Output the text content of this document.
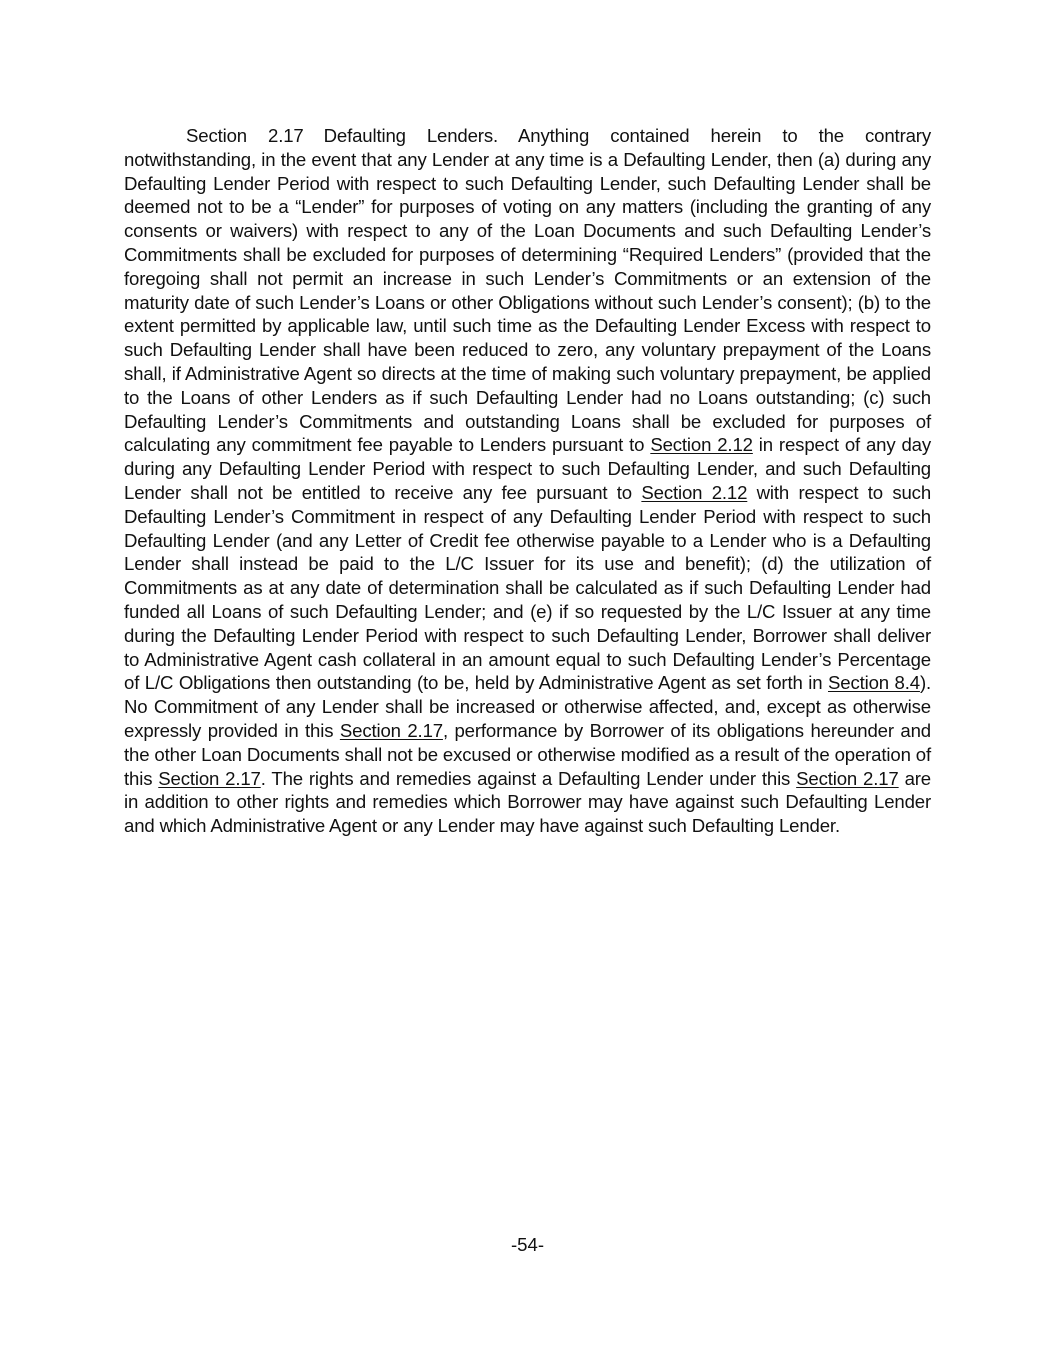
Section 2.17 Defaulting Lenders. Anything contained herein to the contrary notwithstanding, in the event that any Lender at any time is a Defaulting Lender, then (a) during any Defaulting Lender Period with respect to such Defaulting Lender, such Defaulting Lender shall be deemed not to be a “Lender” for purposes of voting on any matters (including the granting of any consents or waivers) with respect to any of the Loan Documents and such Defaulting Lender’s Commitments shall be excluded for purposes of determining “Required Lenders” (provided that the foregoing shall not permit an increase in such Lender’s Commitments or an extension of the maturity date of such Lender’s Loans or other Obligations without such Lender’s consent); (b) to the extent permitted by applicable law, until such time as the Defaulting Lender Excess with respect to such Defaulting Lender shall have been reduced to zero, any voluntary prepayment of the Loans shall, if Administrative Agent so directs at the time of making such voluntary prepayment, be applied to the Loans of other Lenders as if such Defaulting Lender had no Loans outstanding; (c) such Defaulting Lender’s Commitments and outstanding Loans shall be excluded for purposes of calculating any commitment fee payable to Lenders pursuant to Section 2.12 in respect of any day during any Defaulting Lender Period with respect to such Defaulting Lender, and such Defaulting Lender shall not be entitled to receive any fee pursuant to Section 2.12 with respect to such Defaulting Lender’s Commitment in respect of any Defaulting Lender Period with respect to such Defaulting Lender (and any Letter of Credit fee otherwise payable to a Lender who is a Defaulting Lender shall instead be paid to the L/C Issuer for its use and benefit); (d) the utilization of Commitments as at any date of determination shall be calculated as if such Defaulting Lender had funded all Loans of such Defaulting Lender; and (e) if so requested by the L/C Issuer at any time during the Defaulting Lender Period with respect to such Defaulting Lender, Borrower shall deliver to Administrative Agent cash collateral in an amount equal to such Defaulting Lender’s Percentage of L/C Obligations then outstanding (to be, held by Administrative Agent as set forth in Section 8.4). No Commitment of any Lender shall be increased or otherwise affected, and, except as otherwise expressly provided in this Section 2.17, performance by Borrower of its obligations hereunder and the other Loan Documents shall not be excused or otherwise modified as a result of the operation of this Section 2.17. The rights and remedies against a Defaulting Lender under this Section 2.17 are in addition to other rights and remedies which Borrower may have against such Defaulting Lender and which Administrative Agent or any Lender may have against such Defaulting Lender.

-54-
